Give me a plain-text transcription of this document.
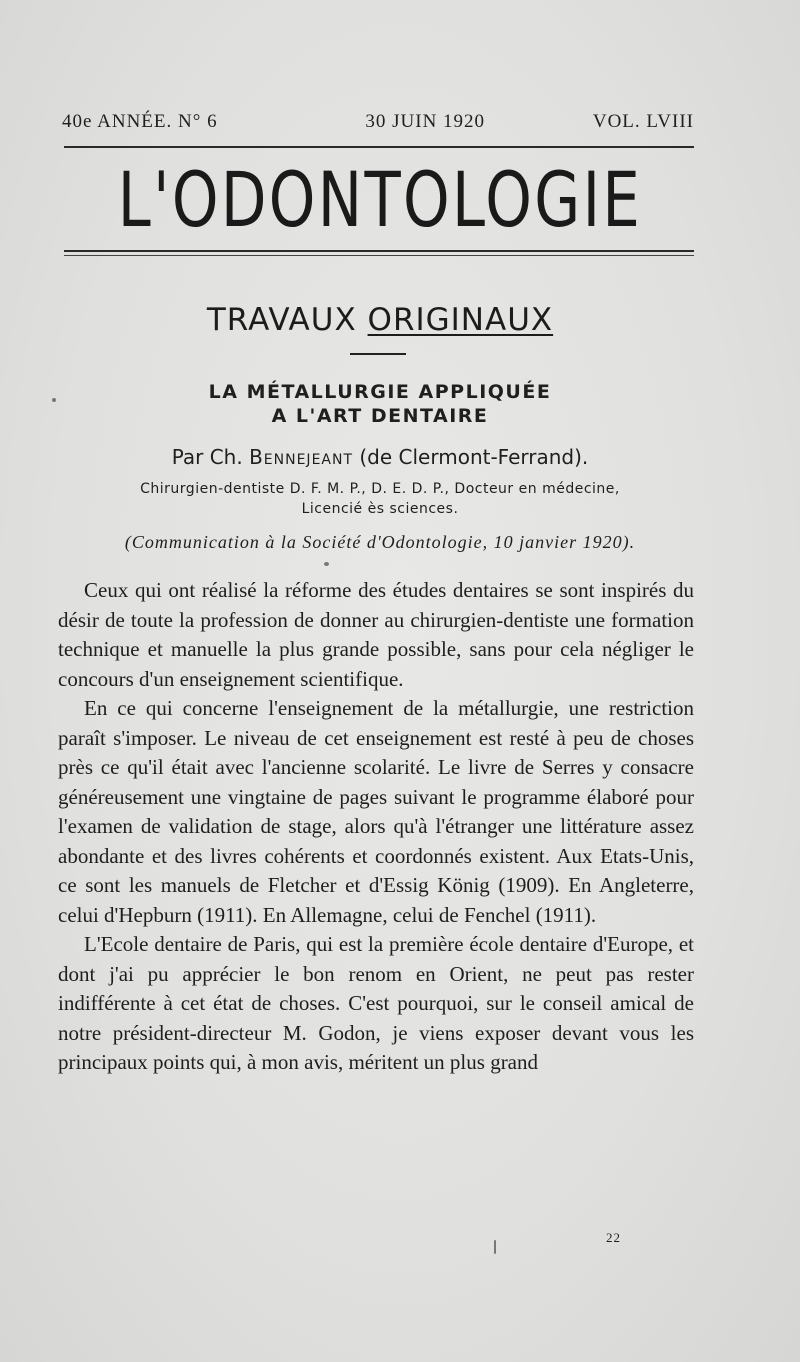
40e ANNÉE. N° 6	30 JUIN 1920	VOL. LVIII
L'ODONTOLOGIE
TRAVAUX ORIGINAUX
LA MÉTALLURGIE APPLIQUÉE
A L'ART DENTAIRE
Par Ch. Bennejeant (de Clermont-Ferrand).
Chirurgien-dentiste D. F. M. P., D. E. D. P., Docteur en médecine,
Licencié ès sciences.
(Communication à la Société d'Odontologie, 10 janvier 1920).

Ceux qui ont réalisé la réforme des études dentaires se sont inspirés du désir de toute la profession de donner au chirurgien-dentiste une formation technique et manuelle la plus grande possible, sans pour cela négliger le concours d'un enseignement scientifique.

En ce qui concerne l'enseignement de la métallurgie, une restriction paraît s'imposer. Le niveau de cet enseignement est resté à peu de choses près ce qu'il était avec l'ancienne scolarité. Le livre de Serres y consacre généreusement une vingtaine de pages suivant le programme élaboré pour l'examen de validation de stage, alors qu'à l'étranger une littérature assez abondante et des livres cohérents et coordonnés existent. Aux Etats-Unis, ce sont les manuels de Fletcher et d'Essig König (1909). En Angleterre, celui d'Hepburn (1911). En Allemagne, celui de Fenchel (1911).

L'Ecole dentaire de Paris, qui est la première école dentaire d'Europe, et dont j'ai pu apprécier le bon renom en Orient, ne peut pas rester indifférente à cet état de choses. C'est pourquoi, sur le conseil amical de notre président-directeur M. Godon, je viens exposer devant vous les principaux points qui, à mon avis, méritent un plus grand

22
